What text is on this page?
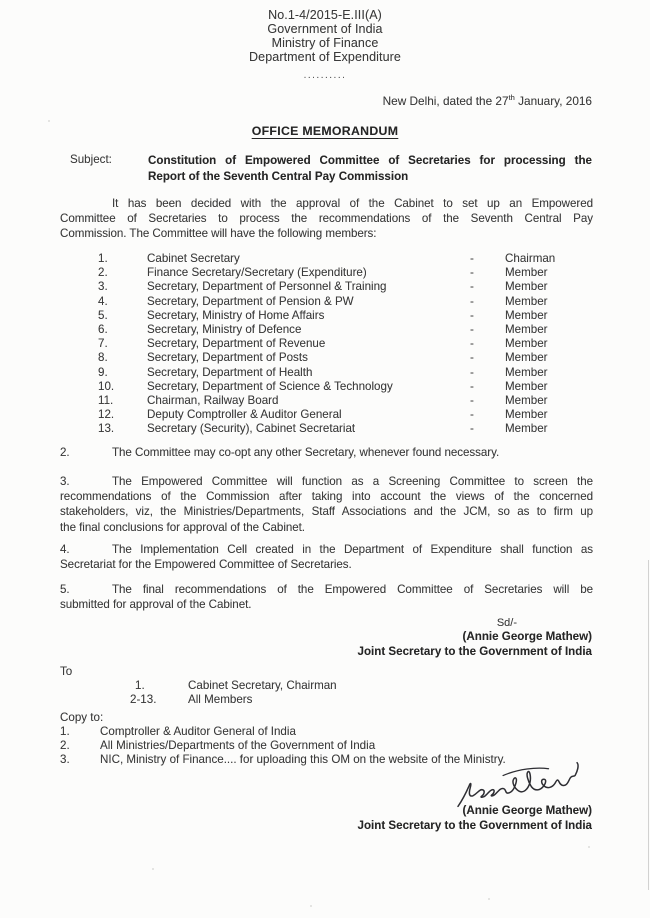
No.1-4/2015-E.III(A)
Government of India
Ministry of Finance
Department of Expenditure
..........
New Delhi, dated the 27th January, 2016
OFFICE MEMORANDUM
Subject:	Constitution of Empowered Committee of Secretaries for processing the
Report of the Seventh Central Pay Commission
It has been decided with the approval of the Cabinet to set up an Empowered
Committee of Secretaries to process the recommendations of the Seventh Central Pay
Commission. The Committee will have the following members:
1.	Cabinet Secretary	-	Chairman
2.	Finance Secretary/Secretary (Expenditure)	-	Member
3.	Secretary, Department of Personnel & Training	-	Member
4.	Secretary, Department of Pension & PW	-	Member
5.	Secretary, Ministry of Home Affairs	-	Member
6.	Secretary, Ministry of Defence	-	Member
7.	Secretary, Department of Revenue	-	Member
8.	Secretary, Department of Posts	-	Member
9.	Secretary, Department of Health	-	Member
10.	Secretary, Department of Science & Technology	-	Member
11.	Chairman, Railway Board	-	Member
12.	Deputy Comptroller & Auditor General	-	Member
13.	Secretary (Security), Cabinet Secretariat	-	Member
2.	The Committee may co-opt any other Secretary, whenever found necessary.
3.	The Empowered Committee will function as a Screening Committee to screen the
recommendations of the Commission after taking into account the views of the concerned
stakeholders, viz, the Ministries/Departments, Staff Associations and the JCM, so as to firm up
the final conclusions for approval of the Cabinet.
4.	The Implementation Cell created in the Department of Expenditure shall function as
Secretariat for the Empowered Committee of Secretaries.
5.	The final recommendations of the Empowered Committee of Secretaries will be
submitted for approval of the Cabinet.
Sd/-
(Annie George Mathew)
Joint Secretary to the Government of India
To
1.	Cabinet Secretary, Chairman
2-13.	All Members
Copy to:
1.	Comptroller & Auditor General of India
2.	All Ministries/Departments of the Government of India
3.	NIC, Ministry of Finance.... for uploading this OM on the website of the Ministry.
(Annie George Mathew)
Joint Secretary to the Government of India
